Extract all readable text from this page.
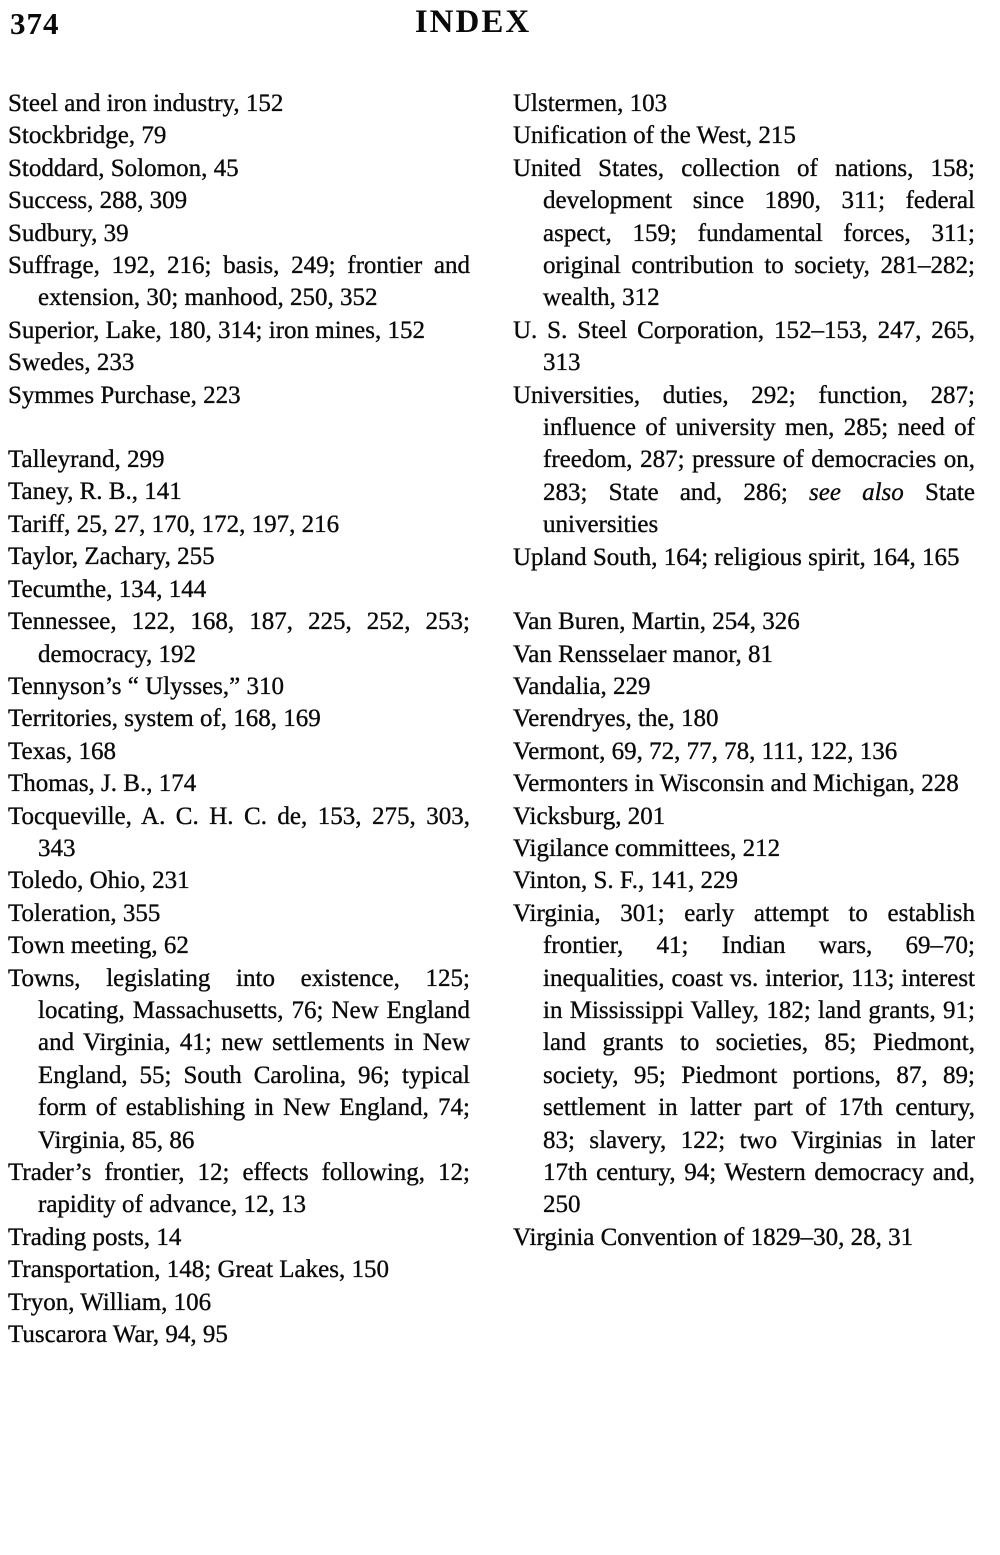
374	INDEX

Steel and iron industry, 152

Stockbridge, 79

Stoddard, Solomon, 45

Success, 288, 309

Sudbury, 39

Suffrage, 192, 216; basis, 249; frontier and extension, 30; manhood, 250, 352

Superior, Lake, 180, 314; iron mines, 152

Swedes, 233

Symmes Purchase, 223

Talleyrand, 299

Taney, R. B., 141

Tariff, 25, 27, 170, 172, 197, 216

Taylor, Zachary, 255

Tecumthe, 134, 144

Tennessee, 122, 168, 187, 225, 252, 253; democracy, 192

Tennyson’s “ Ulysses,” 310

Territories, system of, 168, 169

Texas, 168

Thomas, J. B., 174

Tocqueville, A. C. H. C. de, 153, 275, 303, 343

Toledo, Ohio, 231

Toleration, 355

Town meeting, 62

Towns, legislating into existence, 125; locating, Massachusetts, 76; New England and Virginia, 41; new settlements in New England, 55; South Carolina, 96; typical form of establishing in New England, 74; Virginia, 85, 86

Trader’s frontier, 12; effects following, 12; rapidity of advance, 12, 13

Trading posts, 14

Transportation, 148; Great Lakes, 150

Tryon, William, 106

Tuscarora War, 94, 95

Ulstermen, 103

Unification of the West, 215

United States, collection of nations, 158; development since 1890, 311; federal aspect, 159; fundamental forces, 311; original contribution to society, 281–282; wealth, 312

U. S. Steel Corporation, 152–153, 247, 265, 313

Universities, duties, 292; function, 287; influence of university men, 285; need of freedom, 287; pressure of democracies on, 283; State and, 286; see also State universities

Upland South, 164; religious spirit, 164, 165

Van Buren, Martin, 254, 326

Van Rensselaer manor, 81

Vandalia, 229

Verendryes, the, 180

Vermont, 69, 72, 77, 78, 111, 122, 136

Vermonters in Wisconsin and Michigan, 228

Vicksburg, 201

Vigilance committees, 212

Vinton, S. F., 141, 229

Virginia, 301; early attempt to establish frontier, 41; Indian wars, 69–70; inequalities, coast vs. interior, 113; interest in Mississippi Valley, 182; land grants, 91; land grants to societies, 85; Piedmont, society, 95; Piedmont portions, 87, 89; settlement in latter part of 17th century, 83; slavery, 122; two Virginias in later 17th century, 94; Western democracy and, 250

Virginia Convention of 1829–30, 28, 31
